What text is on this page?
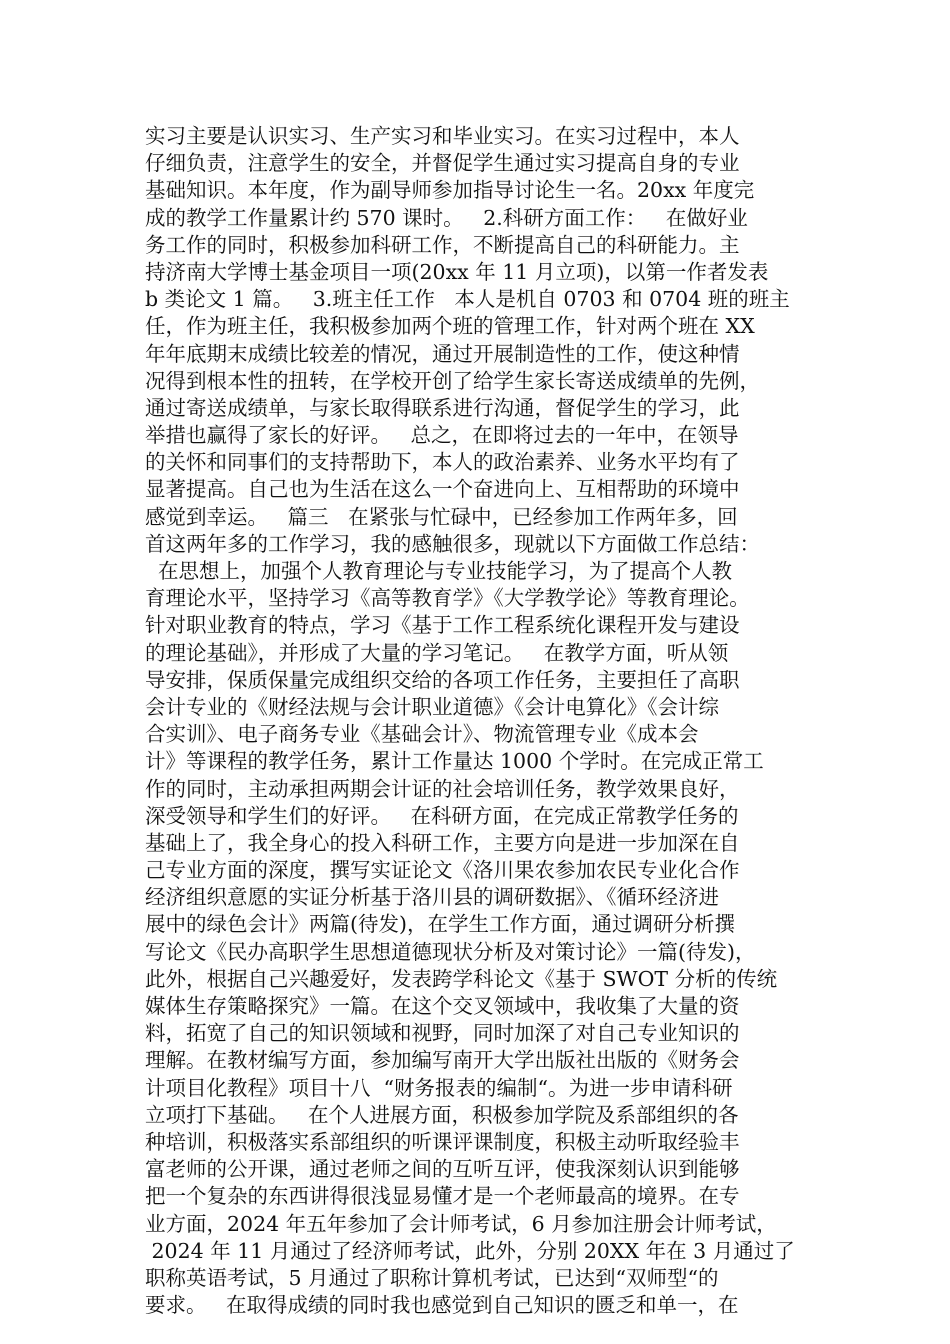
实习主要是认识实习、生产实习和毕业实习。在实习过程中，本人
仔细负责，注意学生的安全，并督促学生通过实习提高自身的专业
基础知识。本年度，作为副导师参加指导讨论生一名。20xx 年度完
成的教学工作量累计约 570 课时。   2.科研方面工作：   在做好业
务工作的同时，积极参加科研工作，不断提高自己的科研能力。主
持济南大学博士基金项目一项(20xx 年 11 月立项)，以第一作者发表
b 类论文 1 篇。   3.班主任工作   本人是机自 0703 和 0704 班的班主
任，作为班主任，我积极参加两个班的管理工作，针对两个班在 XX
年年底期末成绩比较差的情况，通过开展制造性的工作，使这种情
况得到根本性的扭转，在学校开创了给学生家长寄送成绩单的先例，
通过寄送成绩单，与家长取得联系进行沟通，督促学生的学习，此
举措也赢得了家长的好评。   总之，在即将过去的一年中，在领导
的关怀和同事们的支持帮助下，本人的政治素养、业务水平均有了
显著提高。自己也为生活在这么一个奋进向上、互相帮助的环境中
感觉到幸运。   篇三   在紧张与忙碌中，已经参加工作两年多，回
首这两年多的工作学习，我的感触很多，现就以下方面做工作总结：
在思想上，加强个人教育理论与专业技能学习，为了提高个人教
育理论水平，坚持学习《高等教育学》《大学教学论》等教育理论。
针对职业教育的特点，学习《基于工作工程系统化课程开发与建设
的理论基础》，并形成了大量的学习笔记。   在教学方面，听从领
导安排，保质保量完成组织交给的各项工作任务，主要担任了高职
会计专业的《财经法规与会计职业道德》《会计电算化》《会计综
合实训》、电子商务专业《基础会计》、物流管理专业《成本会
计》等课程的教学任务，累计工作量达 1000 个学时。在完成正常工
作的同时，主动承担两期会计证的社会培训任务，教学效果良好，
深受领导和学生们的好评。   在科研方面，在完成正常教学任务的
基础上了，我全身心的投入科研工作，主要方向是进一步加深在自
己专业方面的深度，撰写实证论文《洛川果农参加农民专业化合作
经济组织意愿的实证分析基于洛川县的调研数据》、《循环经济进
展中的绿色会计》两篇(待发)，在学生工作方面，通过调研分析撰
写论文《民办高职学生思想道德现状分析及对策讨论》一篇(待发)，
此外，根据自己兴趣爱好，发表跨学科论文《基于 SWOT 分析的传统
媒体生存策略探究》一篇。在这个交叉领域中，我收集了大量的资
料，拓宽了自己的知识领域和视野，同时加深了对自己专业知识的
理解。在教材编写方面，参加编写南开大学出版社出版的《财务会
计项目化教程》项目十八  “财务报表的编制“。为进一步申请科研
立项打下基础。   在个人进展方面，积极参加学院及系部组织的各
种培训，积极落实系部组织的听课评课制度，积极主动听取经验丰
富老师的公开课，通过老师之间的互听互评，使我深刻认识到能够
把一个复杂的东西讲得很浅显易懂才是一个老师最高的境界。在专
业方面，2024 年五年参加了会计师考试，6 月参加注册会计师考试，
2024 年 11 月通过了经济师考试，此外，分别 20XX 年在 3 月通过了
职称英语考试，5 月通过了职称计算机考试，已达到“双师型“的
要求。   在取得成绩的同时我也感觉到自己知识的匮乏和单一，在
